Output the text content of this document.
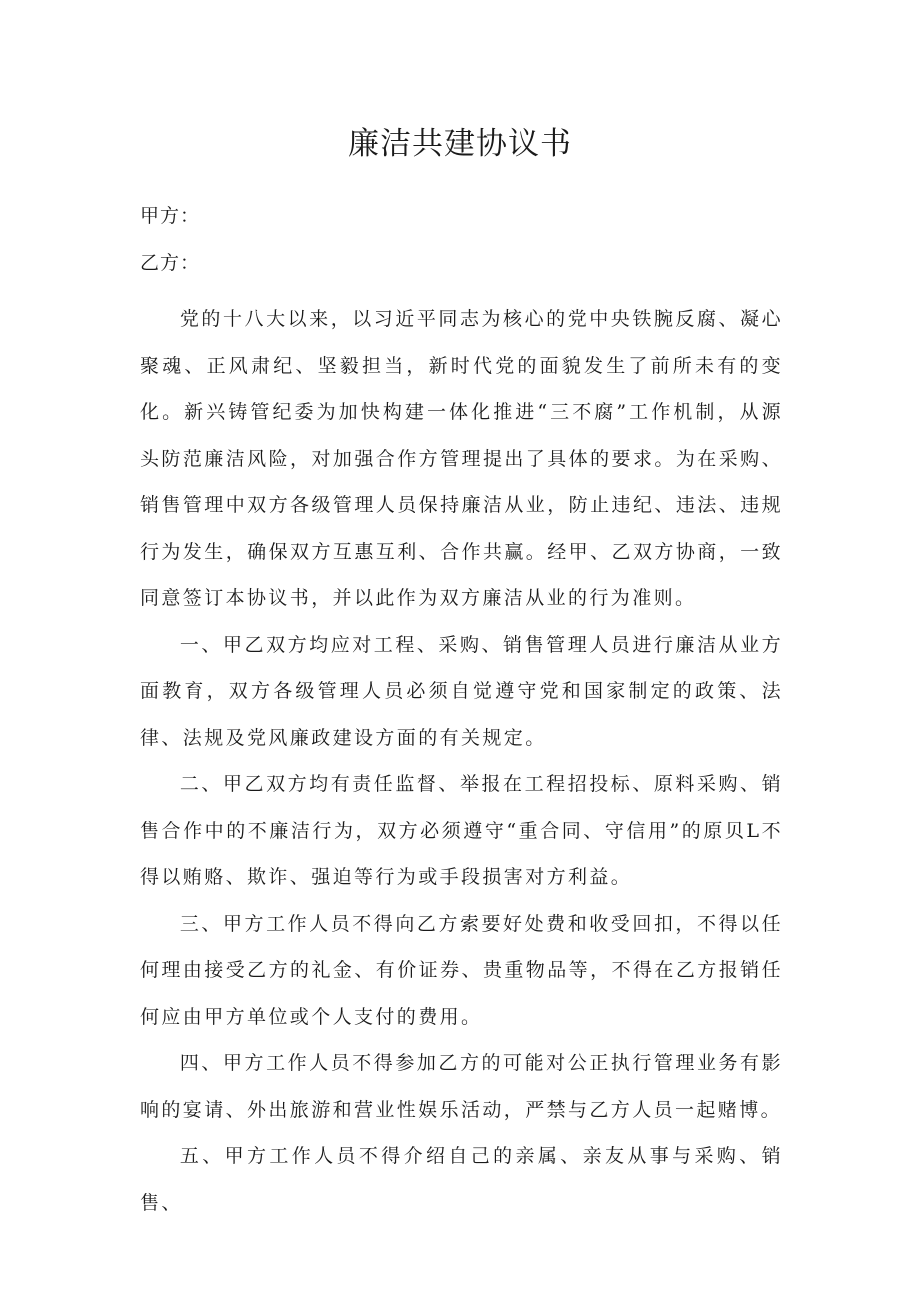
廉洁共建协议书

甲方：

乙方：

党的十八大以来，以习近平同志为核心的党中央铁腕反腐、凝心聚魂、正风肃纪、坚毅担当，新时代党的面貌发生了前所未有的变化。新兴铸管纪委为加快构建一体化推进“三不腐”工作机制，从源头防范廉洁风险，对加强合作方管理提出了具体的要求。为在采购、销售管理中双方各级管理人员保持廉洁从业，防止违纪、违法、违规行为发生，确保双方互惠互利、合作共赢。经甲、乙双方协商，一致同意签订本协议书，并以此作为双方廉洁从业的行为准则。

一、甲乙双方均应对工程、采购、销售管理人员进行廉洁从业方面教育，双方各级管理人员必须自觉遵守党和国家制定的政策、法律、法规及党风廉政建设方面的有关规定。

二、甲乙双方均有责任监督、举报在工程招投标、原料采购、销售合作中的不廉洁行为，双方必须遵守“重合同、守信用”的原贝L不得以贿赂、欺诈、强迫等行为或手段损害对方利益。

三、甲方工作人员不得向乙方索要好处费和收受回扣，不得以任何理由接受乙方的礼金、有价证券、贵重物品等，不得在乙方报销任何应由甲方单位或个人支付的费用。

四、甲方工作人员不得参加乙方的可能对公正执行管理业务有影响的宴请、外出旅游和营业性娱乐活动，严禁与乙方人员一起赌博。

五、甲方工作人员不得介绍自己的亲属、亲友从事与采购、销售、
